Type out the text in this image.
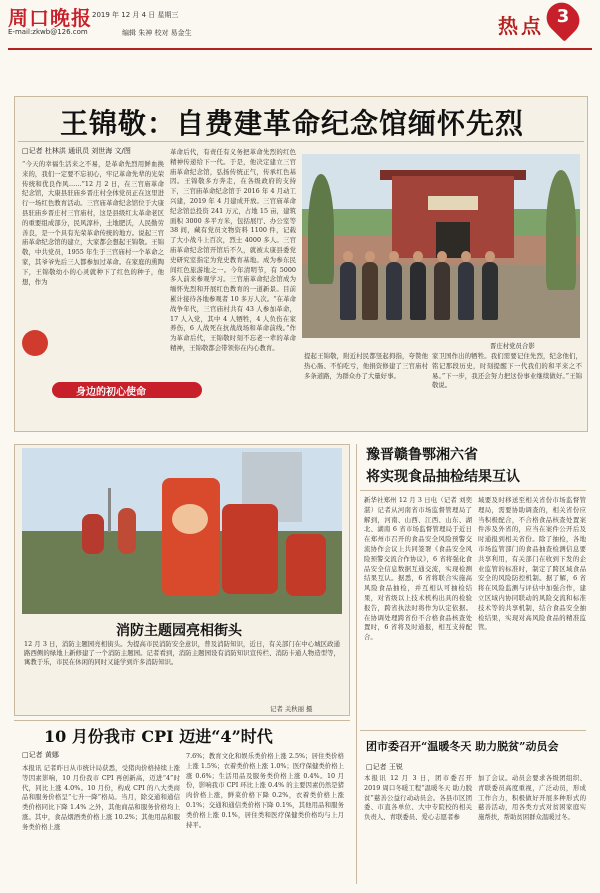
周口晚报
E-mail:zkwb@126.com
2019 年 12 月 4 日 星期三
编辑 朱神 校对 易金生	热点 3
王锦敬：自费建革命纪念馆缅怀先烈
□记者 杜林洪 通讯员 刘世海 文/图
“今天的幸福生活来之不易，是革命先烈用鲜血换来的，我们一定要不忘初心，牢记革命先辈的光荣传统和优良作风……”12 月 2 日，在三官庙革命纪念馆，大康县驻庙乡晋庄村全体党员正在这里进行一场红色教育活动。三官庙革命纪念馆位于大康县驻庙乡晋庄村三官庙村，这是县级红太革命老区的重要组成部分，民风淳朴，土地肥沃，人民勤劳善良，是一个具有光荣革命传统的地方。说起三官庙革命纪念馆的建立，大家都会想起王锦敬。王锦敬，中共党员，1955 年生于三官庙村一个革命之家，其爷爷先后三人都参加过革命。在家庭的熏陶下，王锦敬幼小的心灵就种下了红色的种子，他想，作为
革命后代，有责任有义务把革命先烈的红色精神传递给下一代。于是，他决定建立三官庙革命纪念馆，弘扬传统正气，传承红色基因。王锦敬多方奔走，在各级政府的支持下，三官庙革命纪念馆于 2016 年 4 月动工兴建，2019 年 4 月建成开放。三官庙革命纪念馆总投资 241 万元，占地 15 亩，建筑面积 3000 多平方米，包括展厅、办公室等 38 间，藏有党员文物资料 1100 件，记载了大小战斗上百次，烈士 4000 多人。三官庙革命纪念馆开馆后不久，就被太康县委党史研究室指定为党史教育基地。成为参东民间红色旅游地之一。今年清明节，有 5000 多人前来参观学习。三官庙革命纪念馆成为缅怀先烈和开展红色教育的一道新景。目前累计接待各地参观者 10 多万人次。“在革命战争年代，三官庙村共有 43 人参加革命，17 人入党，其中 4 人牺牲，4 人负伤在家养伤，6 人战死在抗战战场和革命前线。”作为革命后代，王锦敬时刻不忘老一辈的革命精神，王锦敬都会带领你在内心教育。	晋庄村党员合影
提起王锦敬，附近村民都竖起拇指，夸赞他热心肠、不怕吃亏，他捐资修建了三官庙村多条道路，为群众办了大量好事。
家卫国作出的牺牲。我们需要记住先烈，纪念他们，铭记那段历史，时刻提醒下一代我们的和平来之不易。”下一步，我还会努力把这份事业继续做好。”王锦敬说。
身边的初心使命
消防主题园亮相街头
12 月 3 日，消防主题园亮相街头。为提高市民消防安全意识，普及消防知识，近日，有关部门在中心城区政通路西侧的绿地上新修建了一个消防主题园。记者看到，消防主题园设有消防知识宣传栏、消防卡通人物造型等，寓教于乐，市民在休闲的同时又能学到许多消防知识。
记者 关秋丽 摄
豫晋赣鲁鄂湘六省
将实现食品抽检结果互认
新华社郑州 12 月 3 日电（记者 刘奕湛）记者从河南省市场监督管理局了解到，河南、山西、江西、山东、湖北、湖南 6 省市场监督管理局于近日在郑州市召开的食品安全风险预警交流协作会议上共同签署《食品安全风险预警交流合作协议》，6 省将强化食品安全信息数据互通交流，实现检测结果互认。据悉，6 省将联合实施高风险食品抽检，并互相认可抽检结果，对省级以上技术机构出具的检验报告，跨省执法时将作为认定依据。在协调处理跨省份不合格食品核查处置时，6 省将及时通报，相互支持配合。
域要及时移送至相关省份市场监督管理局，需要协助调查的，相关省份应当积极配合，不合格食品核查处置案件涉及外省的，应当在案件公开后及时通报到相关省份。除了抽检，各地市场监管部门的食品抽查检测信息要共享利用，有关部门在收到下发的企业监管的标准时，制定了跨区域食品安全的风险防控机制。据了解，6 省将在风险监测与评估中加强合作，建立区域内协同联动的风险交流和标准技术等的共享机制，结合食品安全抽检结果，实现对高风险食品的精准监管。
10 月份我市 CPI 迈进“4”时代
□记者 黄娜
本报讯 记者昨日从市统计局获悉，受猪肉价格持续上涨等因素影响，10 月份我市 CPI 再创新高，迈进“4”时代，同比上涨 4.0%。10 月份，构成 CPI 的八大类商品和服务价格呈“七升一降”格局。当月，除交通和通信类价格同比下降 1.4% 之外，其他商品和服务价格均上涨。其中，食品烟酒类价格上涨 10.2%；其他用品和服务类价格上涨
7.6%；教育文化和娱乐类价格上涨 2.5%；居住类价格上涨 1.5%；衣着类价格上涨 1.0%；医疗保健类价格上涨 0.6%；生活用品及服务类价格上涨 0.4%。10 月份，影响我市 CPI 环比上涨 0.4% 的主要因素仍然是猪肉价格上涨，鲜菜价格下降 0.2%，衣着类价格上涨 0.1%；交通和通信类价格下降 0.1%，其他用品和服务类价格上涨 0.1%，居住类和医疗保健类价格均与上月持平。
团市委召开“温暖冬天 助力脱贫”动员会
□记者 王锐
本报讯 12 月 3 日，团市委召开 2019 周口冬暖工程“温暖冬天 助力脱贫”慈善公益行动动员会。各县市区团委、市直各单位、大中专院校的相关负责人、青联委员、爱心志愿者参
加了会议。动员会要求各级团组织、青联委员高度重视，广泛动员，形成工作合力，积极做好开展多种形式的慈善活动，用各类方式对贫困家庭实施帮扶，帮助贫困群众温暖过冬。
